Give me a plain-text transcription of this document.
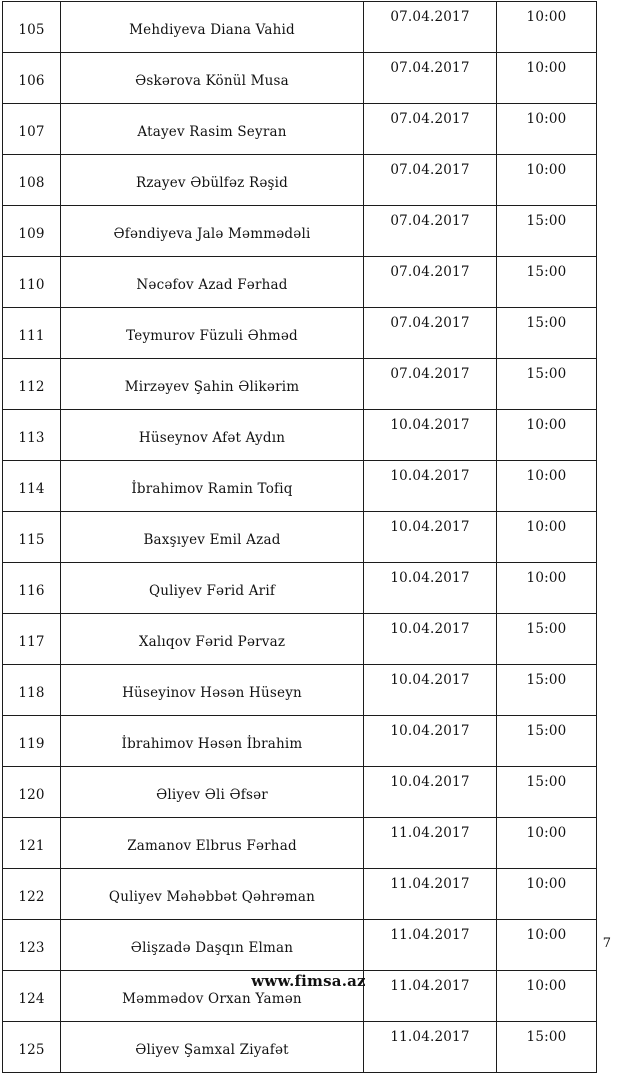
105	Mehdiyeva Diana Vahid	07.04.2017	10:00
106	Əskərova Könül Musa	07.04.2017	10:00
107	Atayev Rasim Seyran	07.04.2017	10:00
108	Rzayev Əbülfəz Rəşid	07.04.2017	10:00
109	Əfəndiyeva Jalə Məmmədəli	07.04.2017	15:00
110	Nəcəfov Azad Fərhad	07.04.2017	15:00
111	Teymurov Füzuli Əhməd	07.04.2017	15:00
112	Mirzəyev Şahin Əlikərim	07.04.2017	15:00
113	Hüseynov Afət Aydın	10.04.2017	10:00
114	İbrahimov Ramin Tofiq	10.04.2017	10:00
115	Baxşıyev Emil Azad	10.04.2017	10:00
116	Quliyev Fərid Arif	10.04.2017	10:00
117	Xalıqov Fərid Pərvaz	10.04.2017	15:00
118	Hüseyinov Həsən Hüseyn	10.04.2017	15:00
119	İbrahimov Həsən İbrahim	10.04.2017	15:00
120	Əliyev Əli Əfsər	10.04.2017	15:00
121	Zamanov Elbrus Fərhad	11.04.2017	10:00
122	Quliyev Məhəbbət Qəhrəman	11.04.2017	10:00
123	Əlişzadə Daşqın Elman	11.04.2017	10:00
124	Məmmədov Orxan Yamən	11.04.2017	10:00
125	Əliyev Şamxal Ziyafət	11.04.2017	15:00
7
www.fimsa.az
